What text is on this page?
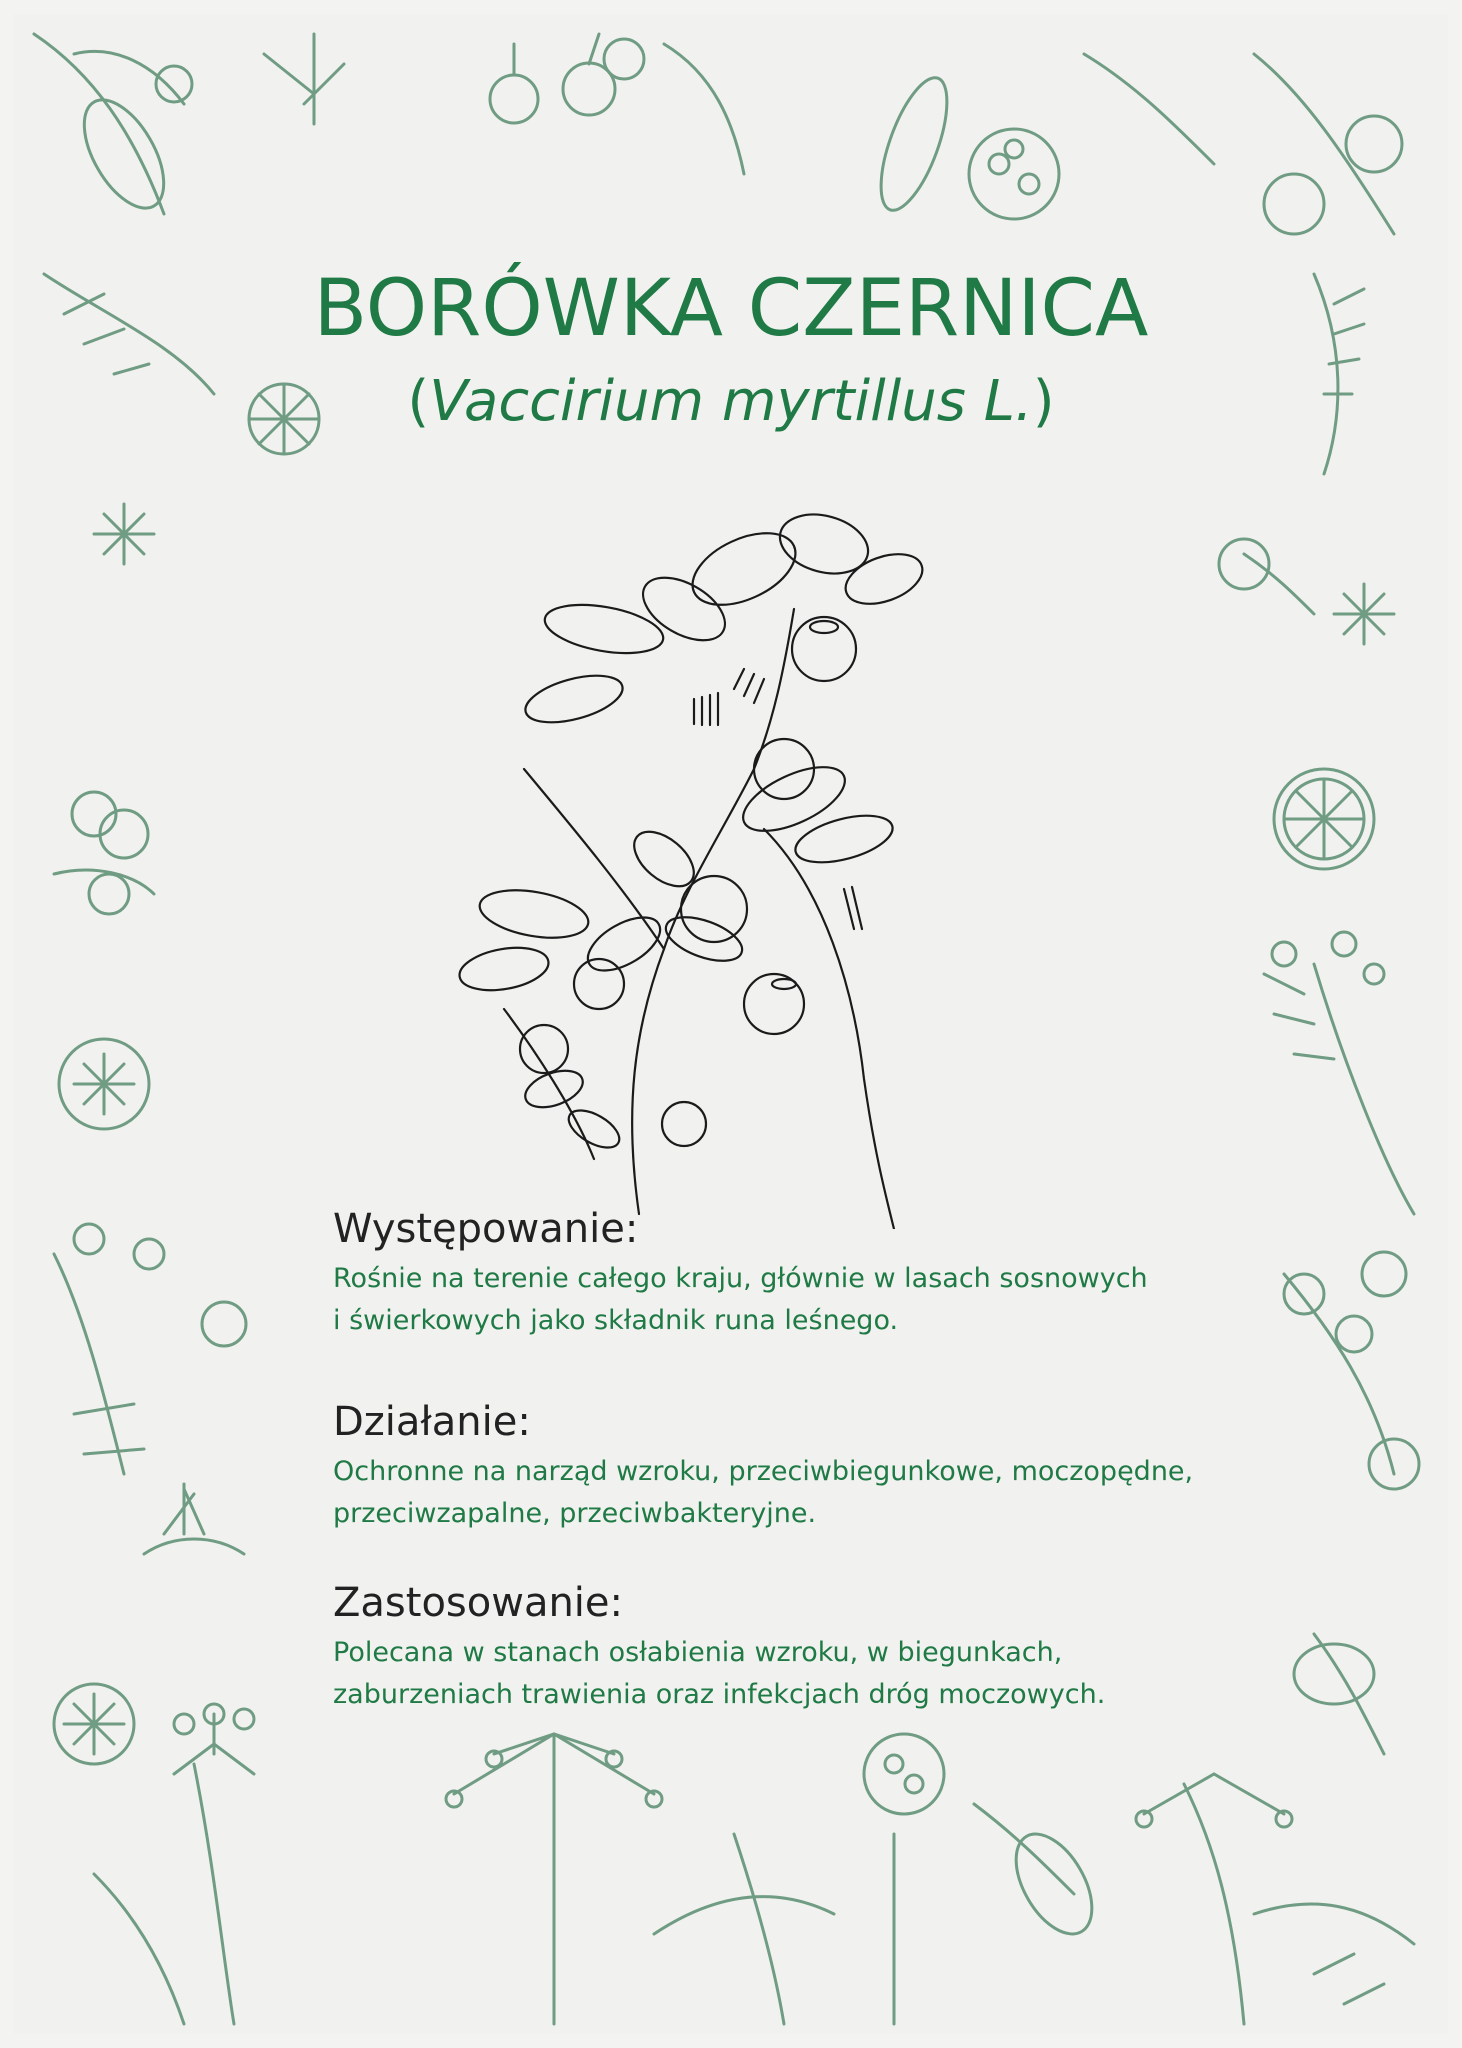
BORÓWKA CZERNICA
(Vaccirium myrtillus L.)
Występowanie:

Rośnie na terenie całego kraju, głównie w lasach sosnowych
i świerkowych jako składnik runa leśnego.

Działanie:

Ochronne na narząd wzroku, przeciwbiegunkowe, moczopędne,
przeciwzapalne, przeciwbakteryjne.

Zastosowanie:

Polecana w stanach osłabienia wzroku, w biegunkach,
zaburzeniach trawienia oraz infekcjach dróg moczowych.
